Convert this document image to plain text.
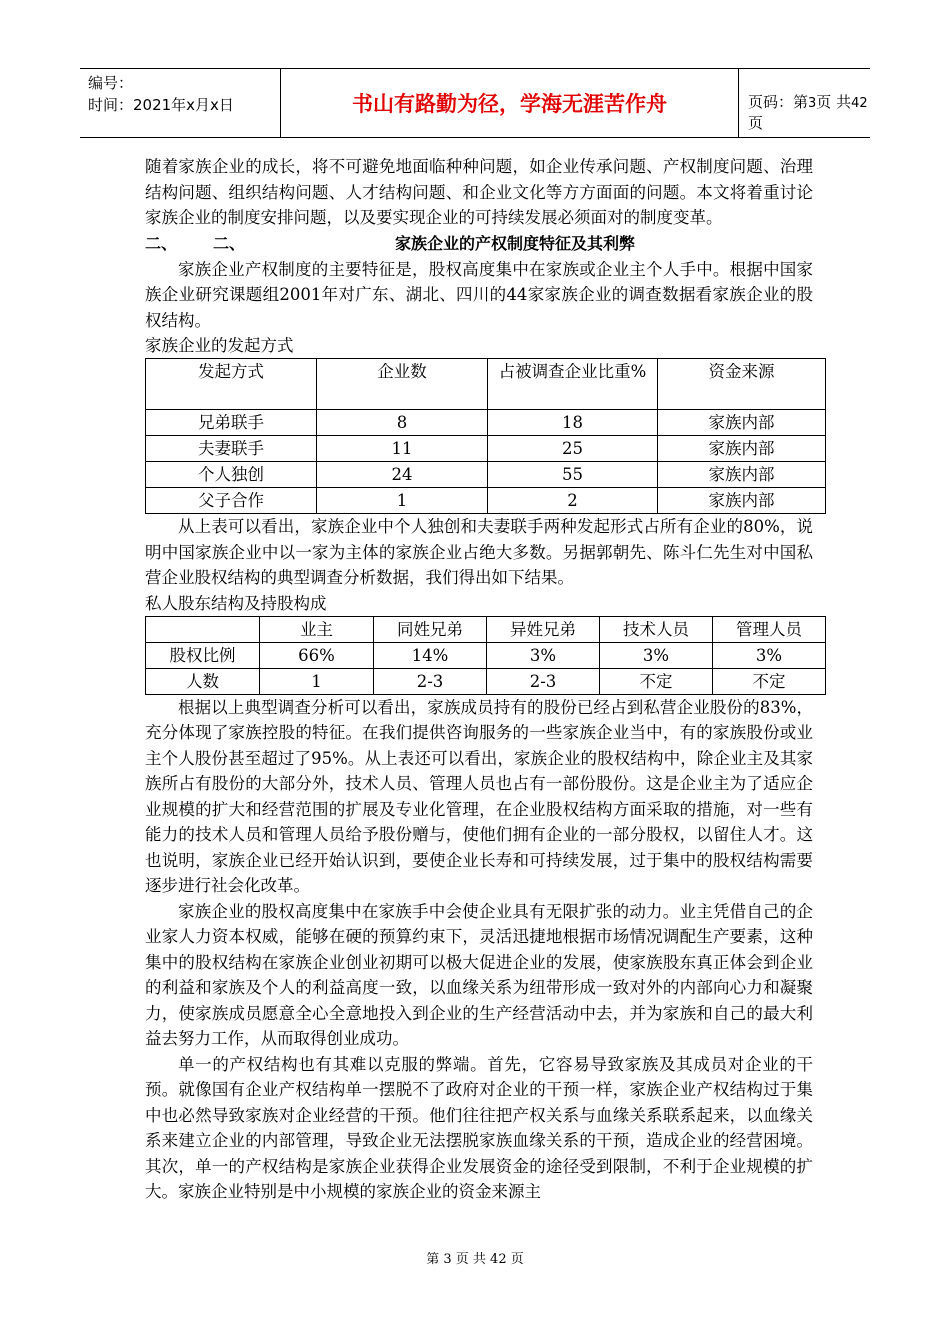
编号：
时间：2021年x月x日	书山有路勤为径，学海无涯苦作舟	页码：第3页 共42页

随着家族企业的成长，将不可避免地面临种种问题，如企业传承问题、产权制度问题、治理结构问题、组织结构问题、人才结构问题、和企业文化等方方面面的问题。本文将着重讨论家族企业的制度安排问题，以及要实现企业的可持续发展必须面对的制度变革。

二、 二、	家族企业的产权制度特征及其利弊

家族企业产权制度的主要特征是，股权高度集中在家族或企业主个人手中。根据中国家族企业研究课题组2001年对广东、湖北、四川的44家家族企业的调查数据看家族企业的股权结构。

家族企业的发起方式
发起方式	企业数	占被调查企业比重%	资金来源
兄弟联手	8	18	家族内部
夫妻联手	11	25	家族内部
个人独创	24	55	家族内部
父子合作	1	2	家族内部

从上表可以看出，家族企业中个人独创和夫妻联手两种发起形式占所有企业的80%，说明中国家族企业中以一家为主体的家族企业占绝大多数。另据郭朝先、陈斗仁先生对中国私营企业股权结构的典型调查分析数据，我们得出如下结果。

私人股东结构及持股构成
	业主	同姓兄弟	异姓兄弟	技术人员	管理人员
股权比例	66%	14%	3%	3%	3%
人数	1	2-3	2-3	不定	不定

根据以上典型调查分析可以看出，家族成员持有的股份已经占到私营企业股份的83%，充分体现了家族控股的特征。在我们提供咨询服务的一些家族企业当中，有的家族股份或业主个人股份甚至超过了95%。从上表还可以看出，家族企业的股权结构中，除企业主及其家族所占有股份的大部分外，技术人员、管理人员也占有一部份股份。这是企业主为了适应企业规模的扩大和经营范围的扩展及专业化管理，在企业股权结构方面采取的措施，对一些有能力的技术人员和管理人员给予股份赠与，使他们拥有企业的一部分股权，以留住人才。这也说明，家族企业已经开始认识到，要使企业长寿和可持续发展，过于集中的股权结构需要逐步进行社会化改革。

家族企业的股权高度集中在家族手中会使企业具有无限扩张的动力。业主凭借自己的企业家人力资本权威，能够在硬的预算约束下，灵活迅捷地根据市场情况调配生产要素，这种集中的股权结构在家族企业创业初期可以极大促进企业的发展，使家族股东真正体会到企业的利益和家族及个人的利益高度一致，以血缘关系为纽带形成一致对外的内部向心力和凝聚力，使家族成员愿意全心全意地投入到企业的生产经营活动中去，并为家族和自己的最大利益去努力工作，从而取得创业成功。

单一的产权结构也有其难以克服的弊端。首先，它容易导致家族及其成员对企业的干预。就像国有企业产权结构单一摆脱不了政府对企业的干预一样，家族企业产权结构过于集中也必然导致家族对企业经营的干预。他们往往把产权关系与血缘关系联系起来，以血缘关系来建立企业的内部管理，导致企业无法摆脱家族血缘关系的干预，造成企业的经营困境。其次，单一的产权结构是家族企业获得企业发展资金的途径受到限制，不利于企业规模的扩大。家族企业特别是中小规模的家族企业的资金来源主

第 3 页 共 42 页
